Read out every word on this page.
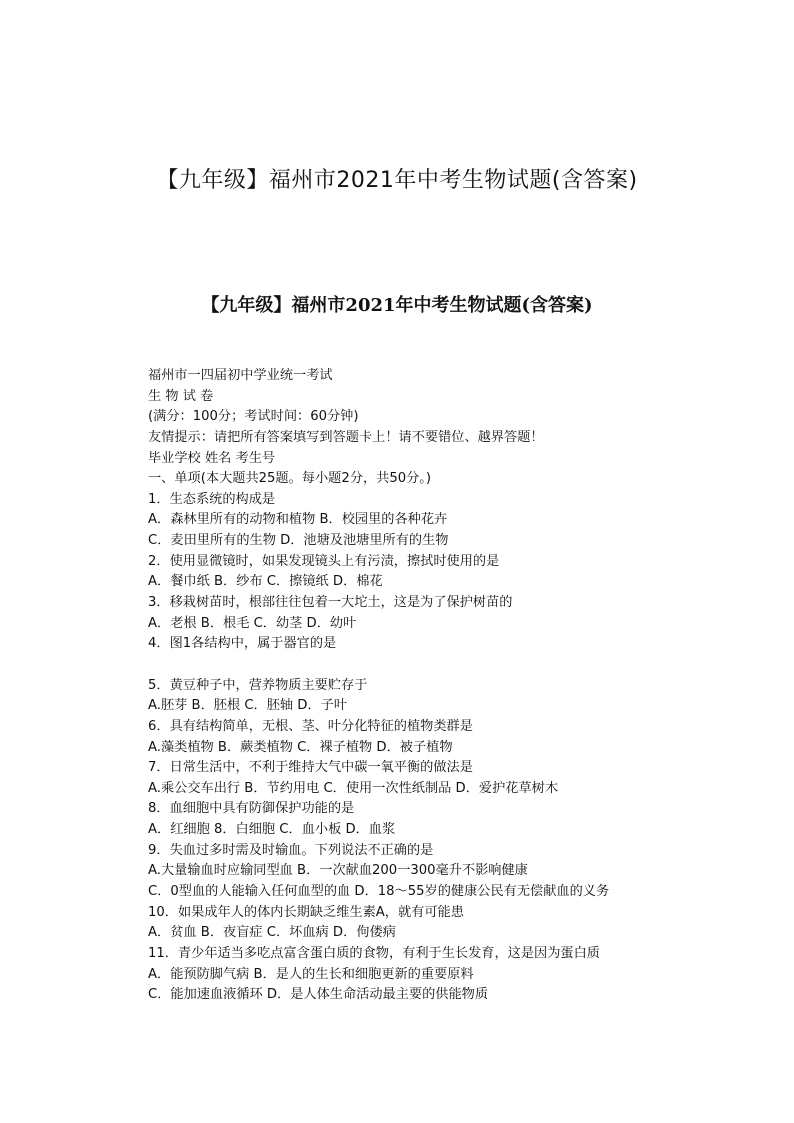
【九年级】福州市2021年中考生物试题(含答案)
【九年级】福州市2021年中考生物试题(含答案)
福州市一四届初中学业统一考试
生 物 试 卷
(满分：100分；考试时间：60分钟)
友情提示：请把所有答案填写到答题卡上！请不要错位、越界答题！
毕业学校 姓名 考生号
一、单项(本大题共25题。每小题2分，共50分。)
1．生态系统的构成是
A．森林里所有的动物和植物 B．校园里的各种花卉
C．麦田里所有的生物 D．池塘及池塘里所有的生物
2．使用显微镜时，如果发现镜头上有污渍，擦拭时使用的是
A．餐巾纸 B．纱布 C．擦镜纸 D．棉花
3．移栽树苗时，根部往往包着一大坨土，这是为了保护树苗的
A．老根 B．根毛 C．幼茎 D．幼叶
4．图1各结构中，属于器官的是
5．黄豆种子中，营养物质主要贮存于
A.胚芽 B．胚根 C．胚轴 D．子叶
6．具有结构简单，无根、茎、叶分化特征的植物类群是
A.藻类植物 B．蕨类植物 C．裸子植物 D．被子植物
7．日常生活中，不利于维持大气中碳一氧平衡的做法是
A.乘公交车出行 B．节约用电 C．使用一次性纸制品 D．爱护花草树木
8．血细胞中具有防御保护功能的是
A．红细胞 8．白细胞 C．血小板 D．血浆
9．失血过多时需及时输血。下列说法不正确的是
A.大量输血时应输同型血 B．一次献血200一300毫升不影响健康
C．0型血的人能输入任何血型的血 D．18～55岁的健康公民有无偿献血的义务
10．如果成年人的体内长期缺乏维生素A，就有可能患
A．贫血 B．夜盲症 C．坏血病 D．佝偻病
11．青少年适当多吃点富含蛋白质的食物，有利于生长发育，这是因为蛋白质
A．能预防脚气病 B．是人的生长和细胞更新的重要原料
C．能加速血液循环 D．是人体生命活动最主要的供能物质
